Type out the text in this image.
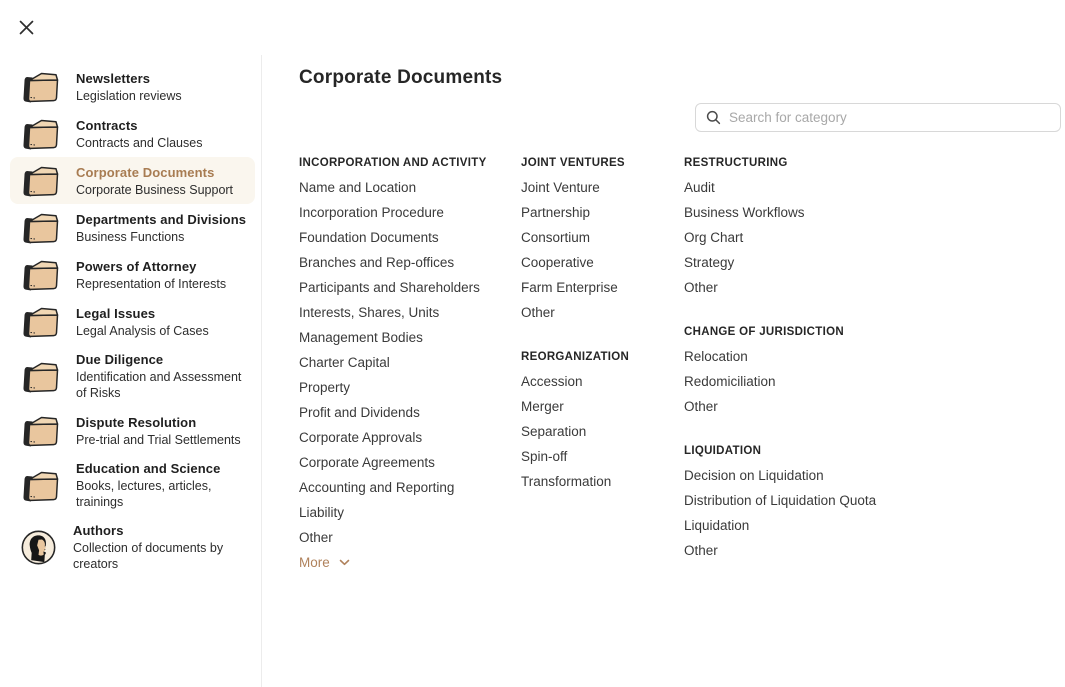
Newsletters
Legislation reviews
Contracts
Contracts and Clauses
Corporate Documents
Corporate Business Support
Departments and Divisions
Business Functions
Powers of Attorney
Representation of Interests
Legal Issues
Legal Analysis of Cases
Due Diligence
Identification and Assessment of Risks
Dispute Resolution
Pre-trial and Trial Settlements
Education and Science
Books, lectures, articles, trainings
Authors
Collection of documents by creators
Corporate Documents
Search for category
INCORPORATION AND ACTIVITY
Name and Location
Incorporation Procedure
Foundation Documents
Branches and Rep-offices
Participants and Shareholders
Interests, Shares, Units
Management Bodies
Charter Capital
Property
Profit and Dividends
Corporate Approvals
Corporate Agreements
Accounting and Reporting
Liability
Other
More
JOINT VENTURES
Joint Venture
Partnership
Consortium
Cooperative
Farm Enterprise
Other
REORGANIZATION
Accession
Merger
Separation
Spin-off
Transformation
RESTRUCTURING
Audit
Business Workflows
Org Chart
Strategy
Other
CHANGE OF JURISDICTION
Relocation
Redomiciliation
Other
LIQUIDATION
Decision on Liquidation
Distribution of Liquidation Quota
Liquidation
Other
